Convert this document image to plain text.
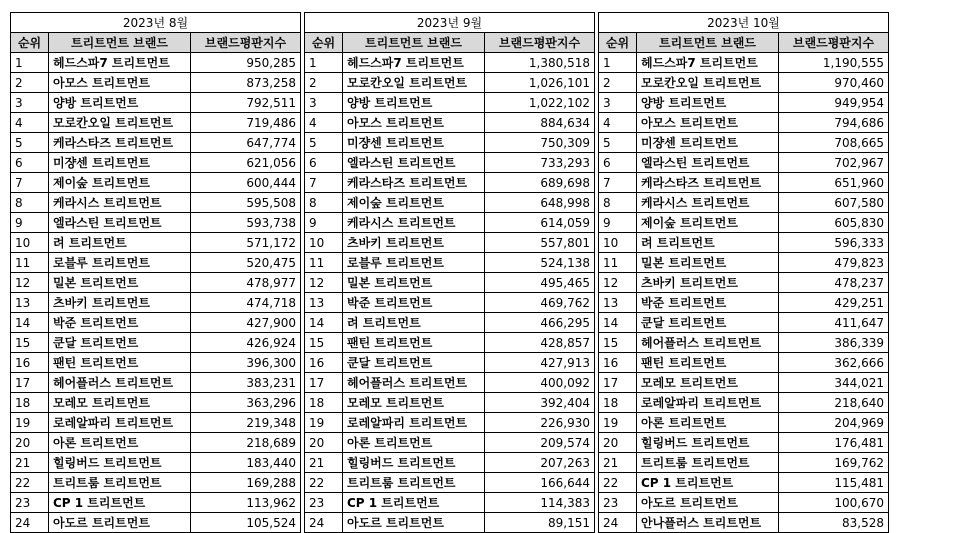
2023년 8월		
순위	트리트먼트 브랜드	브랜드평판지수
1	헤드스파7 트리트먼트	950,285
2	아모스 트리트먼트	873,258
3	양방 트리트먼트	792,511
4	모로칸오일 트리트먼트	719,486
5	케라스타즈 트리트먼트	647,774
6	미쟝센 트리트먼트	621,056
7	제이숲 트리트먼트	600,444
8	케라시스 트리트먼트	595,508
9	엘라스틴 트리트먼트	593,738
10	려 트리트먼트	571,172
11	로블루 트리트먼트	520,475
12	밀본 트리트먼트	478,977
13	츠바키 트리트먼트	474,718
14	박준 트리트먼트	427,900
15	쿤달 트리트먼트	426,924
16	팬틴 트리트먼트	396,300
17	헤어플러스 트리트먼트	383,231
18	모레모 트리트먼트	363,296
19	로레알파리 트리트먼트	219,348
20	아론 트리트먼트	218,689
21	힐링버드 트리트먼트	183,440
22	트리트룸 트리트먼트	169,288
23	CP 1 트리트먼트	113,962
24	아도르 트리트먼트	105,524
2023년 9월		
순위	트리트먼트 브랜드	브랜드평판지수
1	헤드스파7 트리트먼트	1,380,518
2	모로칸오일 트리트먼트	1,026,101
3	양방 트리트먼트	1,022,102
4	아모스 트리트먼트	884,634
5	미쟝센 트리트먼트	750,309
6	엘라스틴 트리트먼트	733,293
7	케라스타즈 트리트먼트	689,698
8	제이숲 트리트먼트	648,998
9	케라시스 트리트먼트	614,059
10	츠바키 트리트먼트	557,801
11	로블루 트리트먼트	524,138
12	밀본 트리트먼트	495,465
13	박준 트리트먼트	469,762
14	려 트리트먼트	466,295
15	팬틴 트리트먼트	428,857
16	쿤달 트리트먼트	427,913
17	헤어플러스 트리트먼트	400,092
18	모레모 트리트먼트	392,404
19	로레알파리 트리트먼트	226,930
20	아론 트리트먼트	209,574
21	힐링버드 트리트먼트	207,263
22	트리트룸 트리트먼트	166,644
23	CP 1 트리트먼트	114,383
24	아도르 트리트먼트	89,151
2023년 10월		
순위	트리트먼트 브랜드	브랜드평판지수
1	헤드스파7 트리트먼트	1,190,555
2	모로칸오일 트리트먼트	970,460
3	양방 트리트먼트	949,954
4	아모스 트리트먼트	794,686
5	미쟝센 트리트먼트	708,665
6	엘라스틴 트리트먼트	702,967
7	케라스타즈 트리트먼트	651,960
8	케라시스 트리트먼트	607,580
9	제이숲 트리트먼트	605,830
10	려 트리트먼트	596,333
11	밀본 트리트먼트	479,823
12	츠바키 트리트먼트	478,237
13	박준 트리트먼트	429,251
14	쿤달 트리트먼트	411,647
15	헤어플러스 트리트먼트	386,339
16	팬틴 트리트먼트	362,666
17	모레모 트리트먼트	344,021
18	로레알파리 트리트먼트	218,640
19	아론 트리트먼트	204,969
20	힐링버드 트리트먼트	176,481
21	트리트룸 트리트먼트	169,762
22	CP 1 트리트먼트	115,481
23	아도르 트리트먼트	100,670
24	안나플러스 트리트먼트	83,528
